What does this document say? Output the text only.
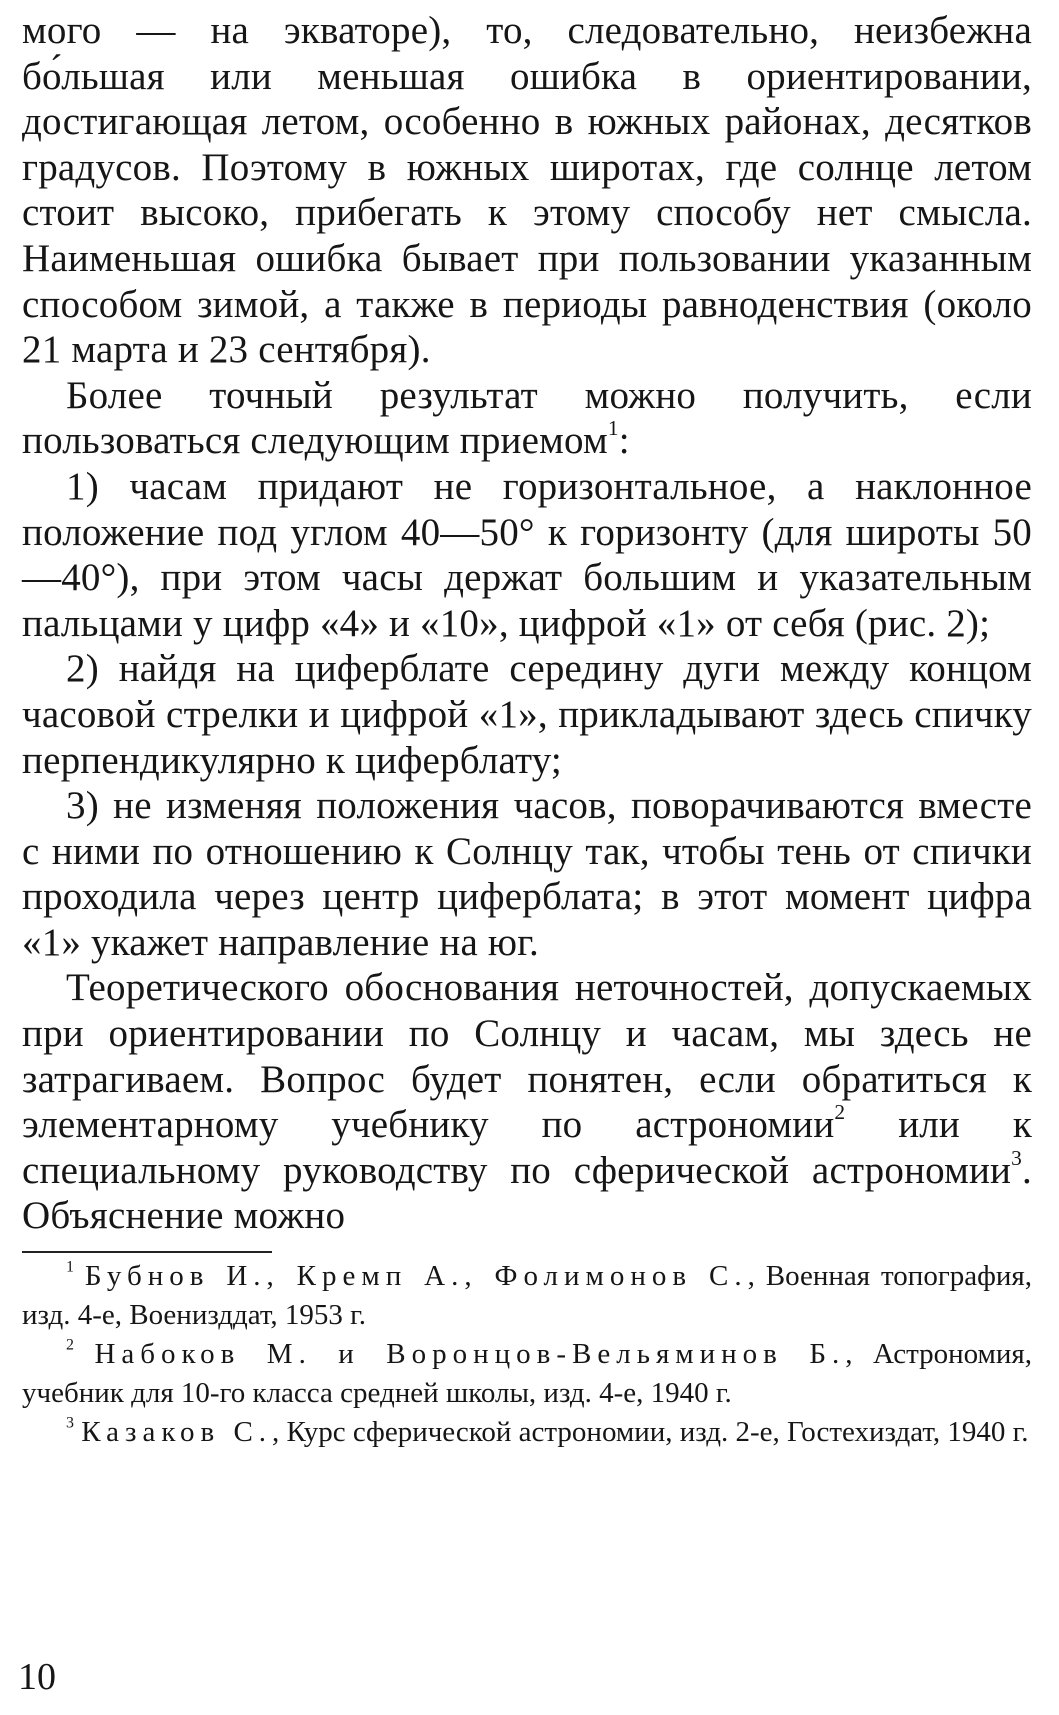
мого — на экваторе), то, следовательно, неизбежна бо́льшая или меньшая ошибка в ориентировании, достигающая летом, особенно в южных районах, десятков градусов. Поэтому в южных широтах, где солнце летом стоит высоко, прибегать к этому способу нет смысла. Наименьшая ошибка бывает при пользовании указанным способом зимой, а также в периоды равноденствия (около 21 марта и 23 сентября).

Более точный результат можно получить, если пользоваться следующим приемом$^1$:

1) часам придают не горизонтальное, а наклонное положение под углом 40—50° к горизонту (для широты 50—40°), при этом часы держат большим и указательным пальцами у цифр «4» и «10», цифрой «1» от себя (рис. 2);

2) найдя на циферблате середину дуги между концом часовой стрелки и цифрой «1», прикладывают здесь спичку перпендикулярно к циферблату;

3) не изменяя положения часов, поворачиваются вместе с ними по отношению к Солнцу так, чтобы тень от спички проходила через центр циферблата; в этот момент цифра «1» укажет направление на юг.

Теоретического обоснования неточностей, допускаемых при ориентировании по Солнцу и часам, мы здесь не затрагиваем. Вопрос будет понятен, если обратиться к элементарному учебнику по астрономии$^2$ или к специальному руководству по сферической астрономии$^3$. Объяснение можно

$^1$ Бубнов И., Кремп А., Фолимонов С., Военная топография, изд. 4-е, Военизддат, 1953 г.

$^2$ Набоков М. и Воронцов-Вельяминов Б., Астрономия, учебник для 10-го класса средней школы, изд. 4-е, 1940 г.

$^3$ Казаков С., Курс сферической астрономии, изд. 2-е, Гостехиздат, 1940 г.

10
